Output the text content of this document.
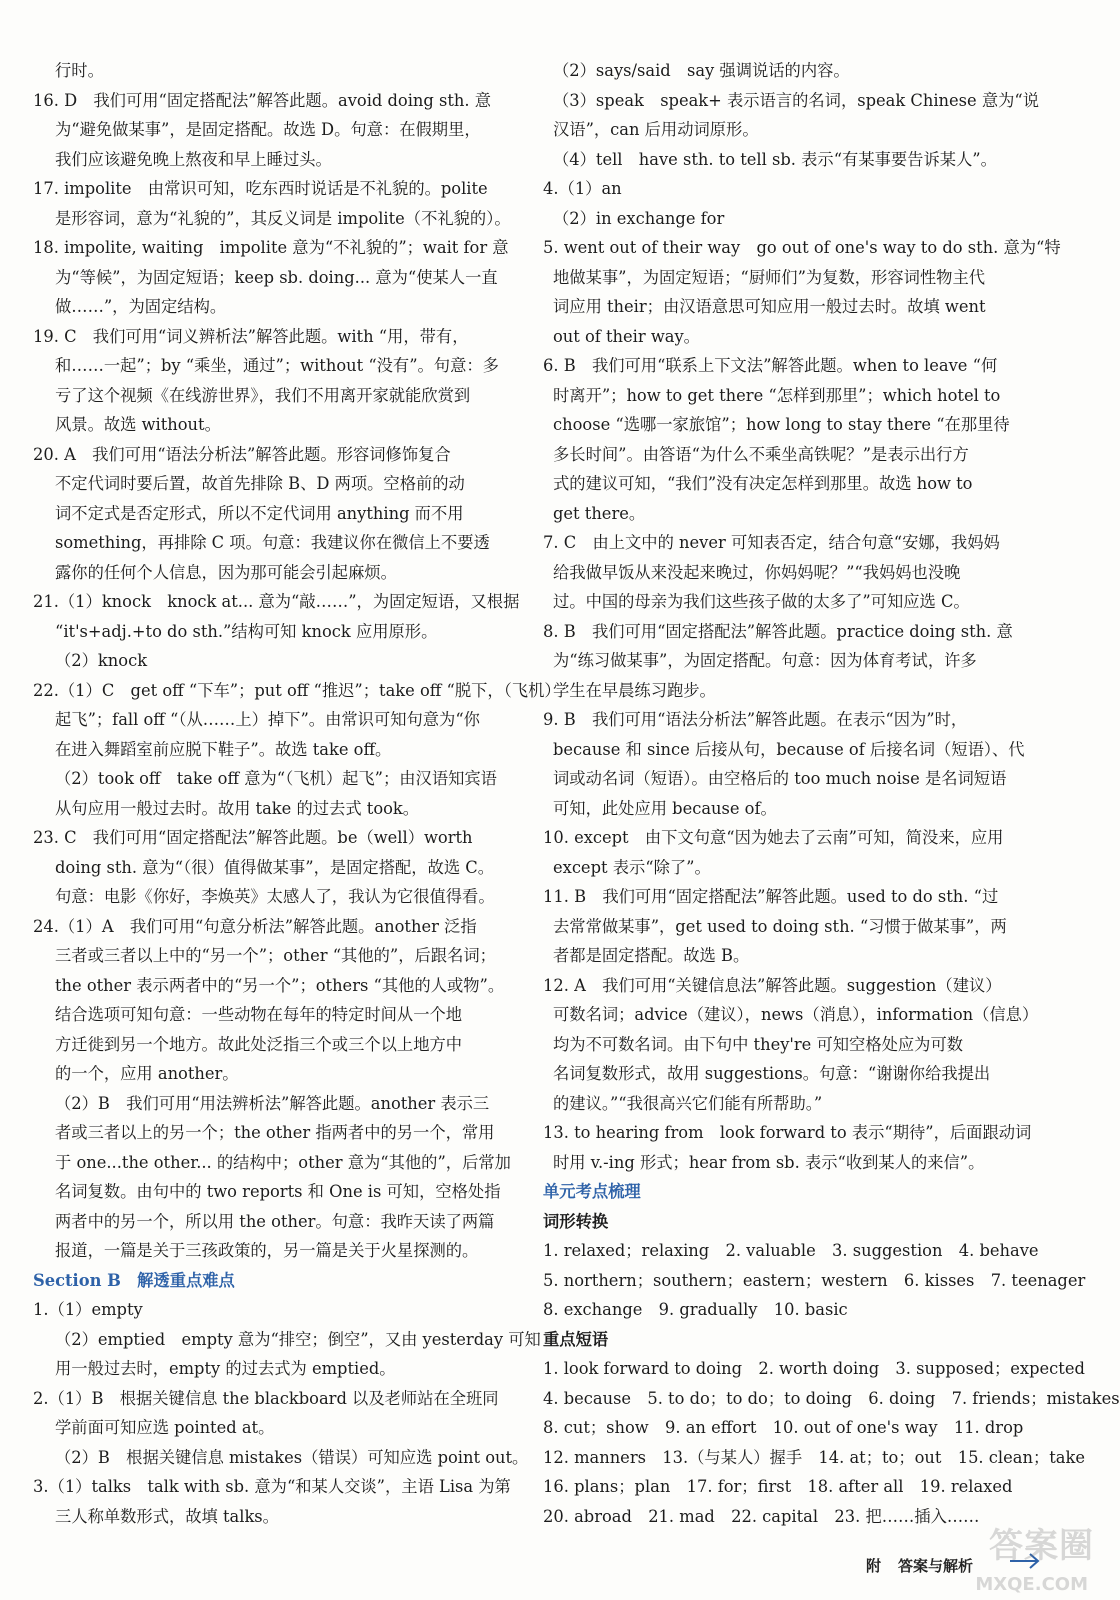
行时。
16. D　我们可用“固定搭配法”解答此题。avoid doing sth. 意
为“避免做某事”，是固定搭配。故选 D。句意：在假期里，
我们应该避免晚上熬夜和早上睡过头。
17. impolite　由常识可知，吃东西时说话是不礼貌的。polite
是形容词，意为“礼貌的”，其反义词是 impolite（不礼貌的）。
18. impolite, waiting　impolite 意为“不礼貌的”；wait for 意
为“等候”，为固定短语；keep sb. doing... 意为“使某人一直
做……”，为固定结构。
19. C　我们可用“词义辨析法”解答此题。with “用，带有，
和……一起”；by “乘坐，通过”；without “没有”。句意：多
亏了这个视频《在线游世界》，我们不用离开家就能欣赏到
风景。故选 without。
20. A　我们可用“语法分析法”解答此题。形容词修饰复合
不定代词时要后置，故首先排除 B、D 两项。空格前的动
词不定式是否定形式，所以不定代词用 anything 而不用
something，再排除 C 项。句意：我建议你在微信上不要透
露你的任何个人信息，因为那可能会引起麻烦。
21.（1）knock　knock at... 意为“敲……”，为固定短语，又根据
“it's+adj.+to do sth.”结构可知 knock 应用原形。
（2）knock
22.（1）C　get off “下车”；put off “推迟”；take off “脱下，（飞机）
起飞”；fall off “（从……上）掉下”。由常识可知句意为“你
在进入舞蹈室前应脱下鞋子”。故选 take off。
（2）took off　take off 意为“（飞机）起飞”；由汉语知宾语
从句应用一般过去时。故用 take 的过去式 took。
23. C　我们可用“固定搭配法”解答此题。be（well）worth
doing sth. 意为“（很）值得做某事”，是固定搭配，故选 C。
句意：电影《你好，李焕英》太感人了，我认为它很值得看。
24.（1）A　我们可用“句意分析法”解答此题。another 泛指
三者或三者以上中的“另一个”；other “其他的”，后跟名词；
the other 表示两者中的“另一个”；others “其他的人或物”。
结合选项可知句意：一些动物在每年的特定时间从一个地
方迁徙到另一个地方。故此处泛指三个或三个以上地方中
的一个，应用 another。
（2）B　我们可用“用法辨析法”解答此题。another 表示三
者或三者以上的另一个；the other 指两者中的另一个，常用
于 one...the other... 的结构中；other 意为“其他的”，后常加
名词复数。由句中的 two reports 和 One is 可知，空格处指
两者中的另一个，所以用 the other。句意：我昨天读了两篇
报道，一篇是关于三孩政策的，另一篇是关于火星探测的。
Section B　解透重点难点
1.（1）empty
（2）emptied　empty 意为“排空；倒空”，又由 yesterday 可知
用一般过去时，empty 的过去式为 emptied。
2.（1）B　根据关键信息 the blackboard 以及老师站在全班同
学前面可知应选 pointed at。
（2）B　根据关键信息 mistakes（错误）可知应选 point out。
3.（1）talks　talk with sb. 意为“和某人交谈”，主语 Lisa 为第
三人称单数形式，故填 talks。
（2）says/said　say 强调说话的内容。
（3）speak　speak+ 表示语言的名词，speak Chinese 意为“说
汉语”，can 后用动词原形。
（4）tell　have sth. to tell sb. 表示“有某事要告诉某人”。
4.（1）an
（2）in exchange for
5. went out of their way　go out of one's way to do sth. 意为“特
地做某事”，为固定短语；“厨师们”为复数，形容词性物主代
词应用 their；由汉语意思可知应用一般过去时。故填 went
out of their way。
6. B　我们可用“联系上下文法”解答此题。when to leave “何
时离开”；how to get there “怎样到那里”；which hotel to
choose “选哪一家旅馆”；how long to stay there “在那里待
多长时间”。由答语“为什么不乘坐高铁呢？”是表示出行方
式的建议可知，“我们”没有决定怎样到那里。故选 how to
get there。
7. C　由上文中的 never 可知表否定，结合句意“安娜，我妈妈
给我做早饭从来没起来晚过，你妈妈呢？”“我妈妈也没晚
过。中国的母亲为我们这些孩子做的太多了”可知应选 C。
8. B　我们可用“固定搭配法”解答此题。practice doing sth. 意
为“练习做某事”，为固定搭配。句意：因为体育考试，许多
学生在早晨练习跑步。
9. B　我们可用“语法分析法”解答此题。在表示“因为”时，
because 和 since 后接从句，because of 后接名词（短语）、代
词或动名词（短语）。由空格后的 too much noise 是名词短语
可知，此处应用 because of。
10. except　由下文句意“因为她去了云南”可知，简没来，应用
except 表示“除了”。
11. B　我们可用“固定搭配法”解答此题。used to do sth. “过
去常常做某事”，get used to doing sth. “习惯于做某事”，两
者都是固定搭配。故选 B。
12. A　我们可用“关键信息法”解答此题。suggestion（建议）
可数名词；advice（建议），news（消息），information（信息）
均为不可数名词。由下句中 they're 可知空格处应为可数
名词复数形式，故用 suggestions。句意：“谢谢你给我提出
的建议。”“我很高兴它们能有所帮助。”
13. to hearing from　look forward to 表示“期待”，后面跟动词
时用 v.-ing 形式；hear from sb. 表示“收到某人的来信”。
单元考点梳理
词形转换
1. relaxed；relaxing　2. valuable　3. suggestion　4. behave
5. northern；southern；eastern；western　6. kisses　7. teenager
8. exchange　9. gradually　10. basic
重点短语
1. look forward to doing　2. worth doing　3. supposed；expected
4. because　5. to do；to do；to doing　6. doing　7. friends；mistakes
8. cut；show　9. an effort　10. out of one's way　11. drop
12. manners　13.（与某人）握手　14. at；to；out　15. clean；take
16. plans；plan　17. for；first　18. after all　19. relaxed
20. abroad　21. mad　22. capital　23. 把……插入……
附 答案与解析 答案圈
MXQE.COM
